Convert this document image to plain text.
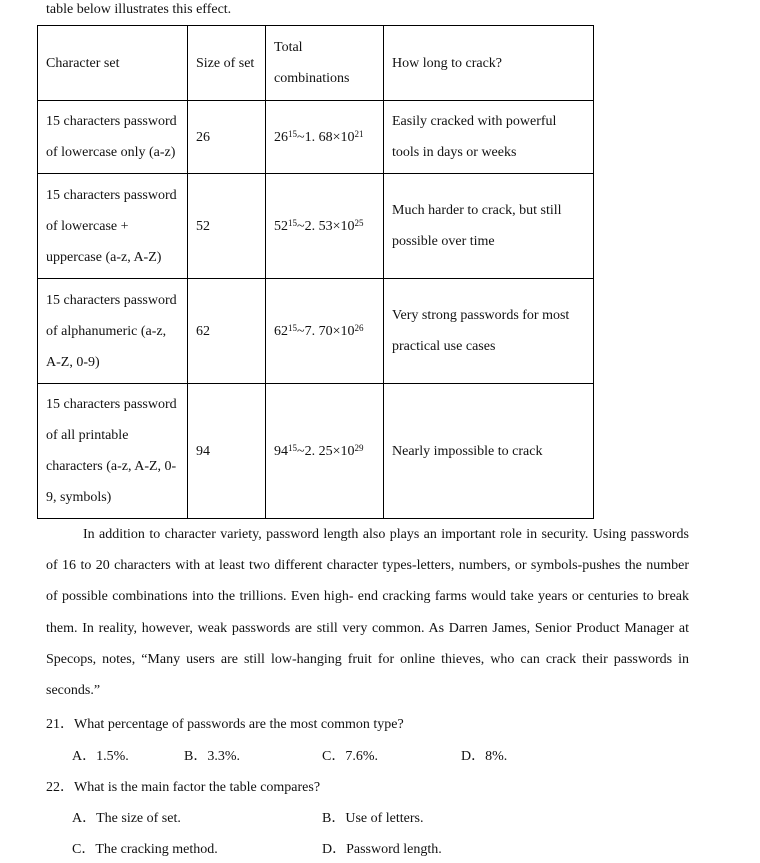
table below illustrates this effect.
Character set	Size of set	Total combinations	How long to crack?
15 characters password of lowercase only (a-z)	26	$26^{15}\sim 1$. $68\times 10^{21}$	Easily cracked with powerful tools in days or weeks
15 characters password of lowercase + uppercase (a-z, A-Z)	52	$52^{15}\sim 2$. $53\times 10^{25}$	Much harder to crack, but still possible over time
15 characters password of alphanumeric (a-z, A-Z, 0-9)	62	$62^{15}\sim 7$. $70\times 10^{26}$	Very strong passwords for most practical use cases
15 characters password of all printable characters (a-z, A-Z, 0-9, symbols)	94	$94^{15}\sim 2$. $25\times 10^{29}$	Nearly impossible to crack

In addition to character variety, password length also plays an important role in security. Using passwords of 16 to 20 characters with at least two different character types-letters, numbers, or symbols-pushes the number of possible combinations into the trillions. Even high- end cracking farms would take years or centuries to break them. In reality, however, weak passwords are still very common. As Darren James, Senior Product Manager at Specops, notes, “Many users are still low-hanging fruit for online thieves, who can crack their passwords in seconds.”

21．What percentage of passwords are the most common type?
A．1.5%.	B．3.3%.	C．7.6%.	D．8%.
22．What is the main factor the table compares?
A．The size of set.	B．Use of letters.
C．The cracking method.	D．Password length.
